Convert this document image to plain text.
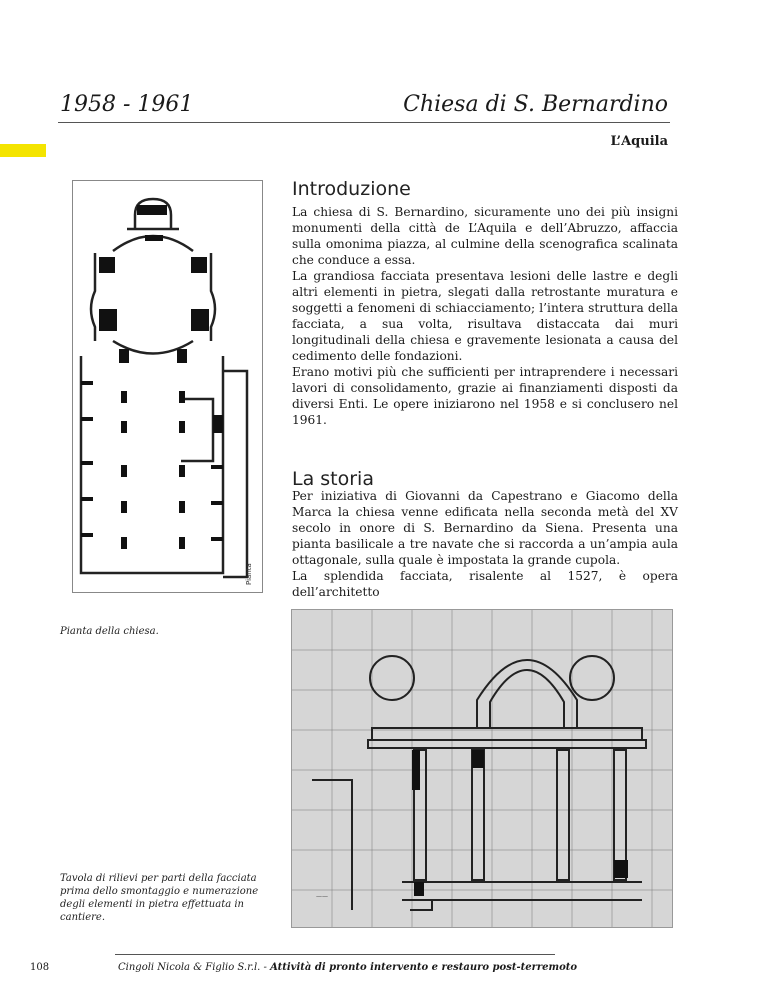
1958 - 1961	Chiesa di S. Bernardino
L’Aquila
Pianta
Pianta della chiesa.
Introduzione

La chiesa di S. Bernardino, sicuramente uno dei più insigni monumenti della città de L’Aquila e dell’Abruzzo, affaccia sulla omonima piazza, al culmine della scenografica scalinata che conduce a essa.

La grandiosa facciata presentava lesioni delle lastre e degli altri elementi in pietra, slegati dalla retrostante muratura e soggetti a fenomeni di schiacciamento; l’intera struttura della facciata, a sua volta, risultava distaccata dai muri longitudinali della chiesa e gravemente lesionata a causa del cedimento delle fondazioni.

Erano motivi più che sufficienti per intraprendere i necessari lavori di consolidamento, grazie ai finanziamenti disposti da diversi Enti. Le opere iniziarono nel 1958 e si conclusero nel 1961.

La storia

Per iniziativa di Giovanni da Capestrano e Giacomo della Marca la chiesa venne edificata nella seconda metà del XV secolo in onore di S. Bernardino da Siena. Presenta una pianta basilicale a tre navate che si raccorda a un’ampia aula ottagonale, sulla quale è impostata la grande cupola.

La splendida facciata, risalente al 1527, è opera dell’architetto

——
Tavola di rilievi per parti della facciata prima dello smontaggio e numerazione degli elementi in pietra effettuata in cantiere.
108	Cingoli Nicola & Figlio S.r.l. - Attività di pronto intervento e restauro post-terremoto
